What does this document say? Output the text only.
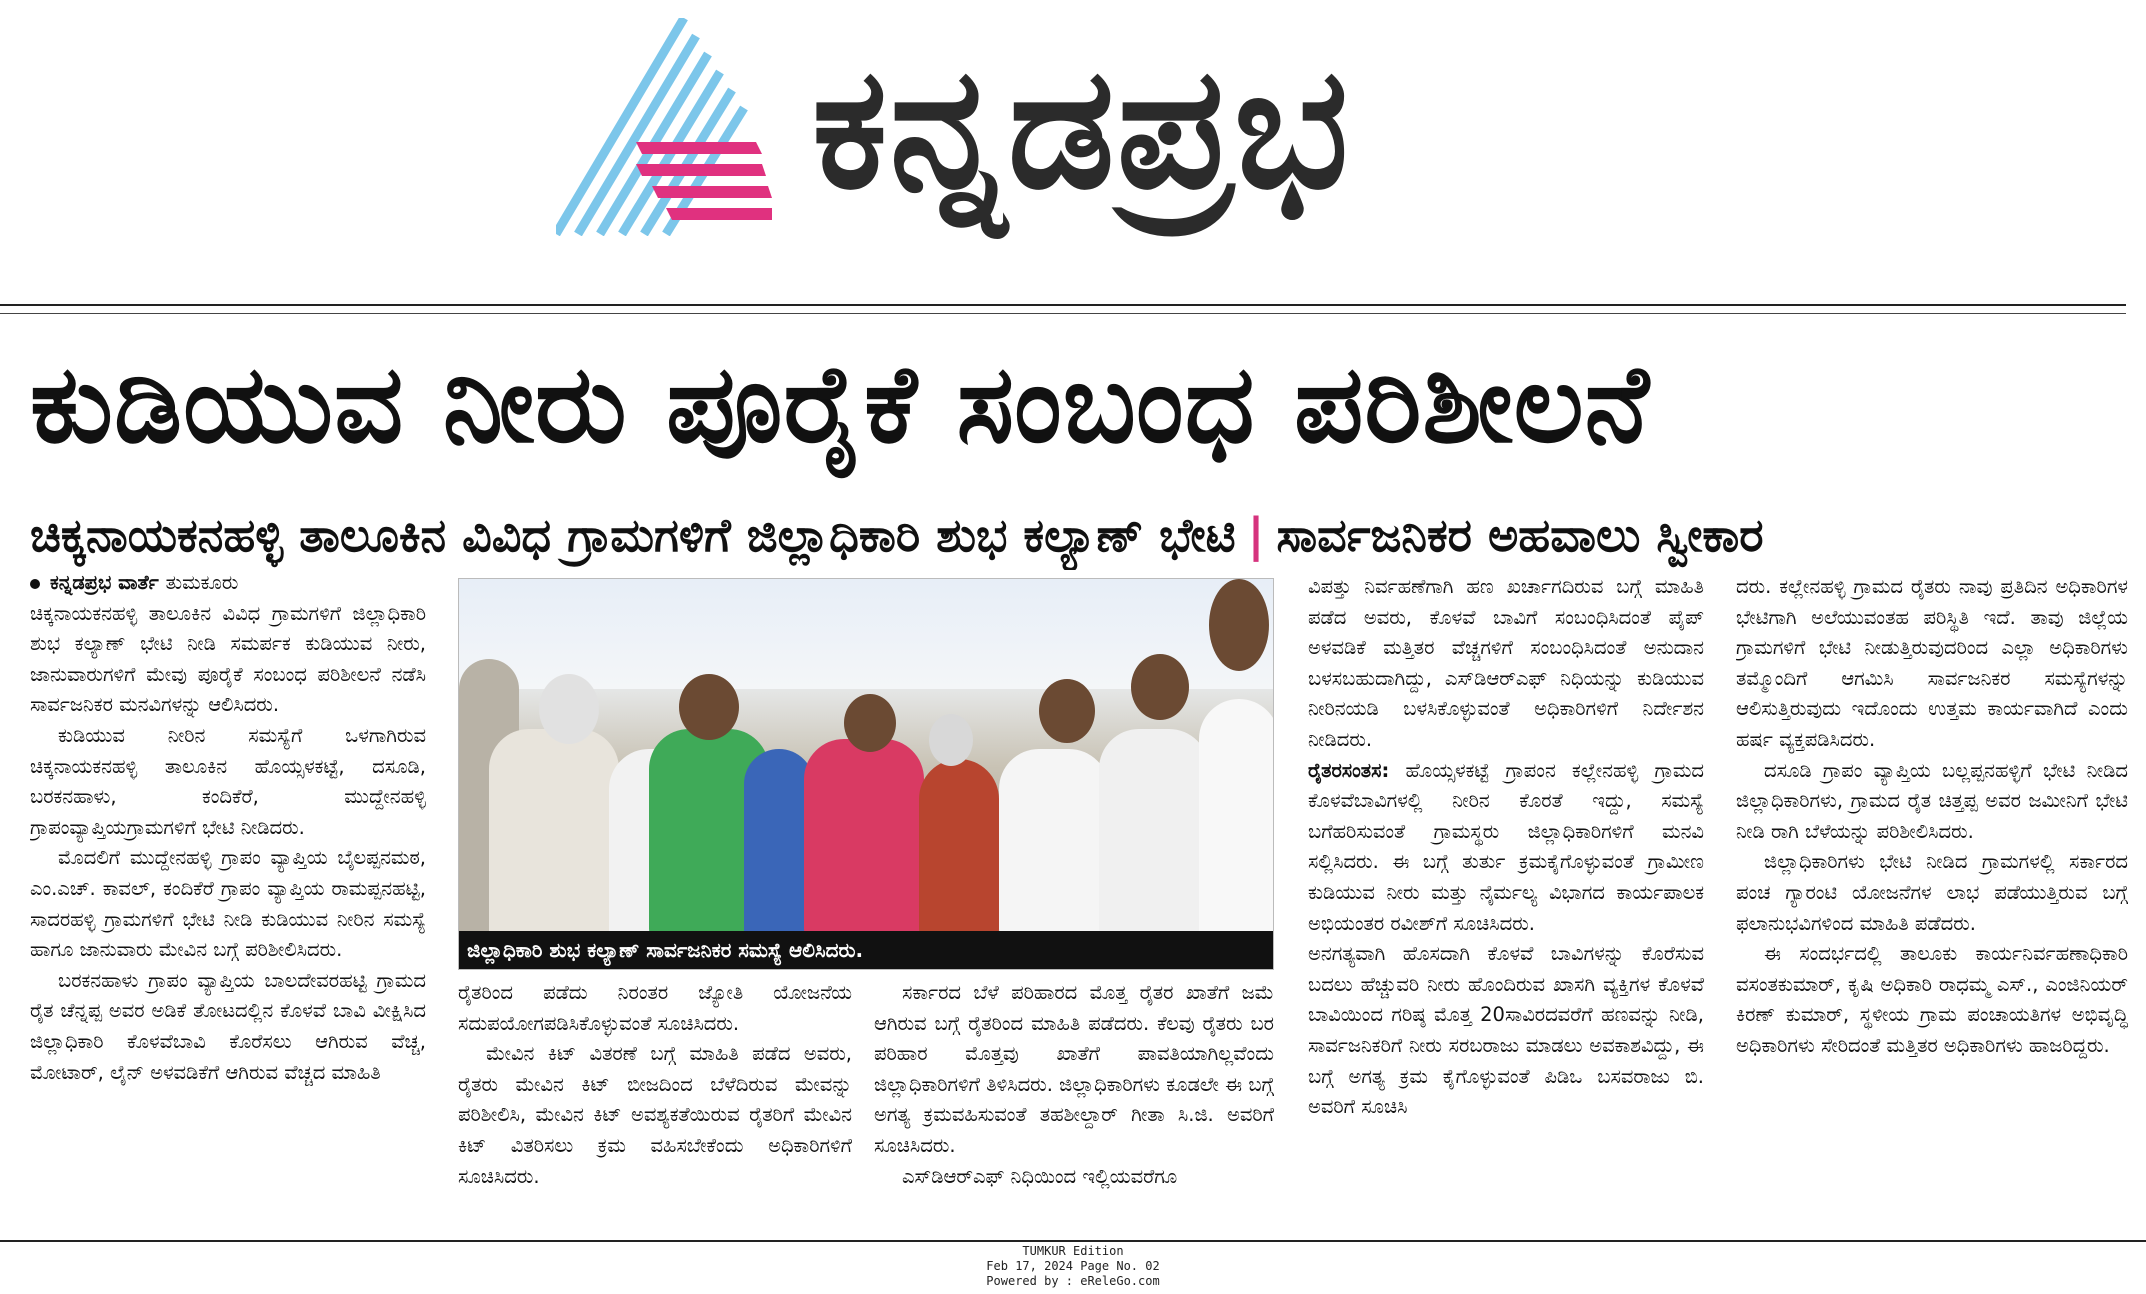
ಕನ್ನಡಪ್ರಭ
ಕುಡಿಯುವ ನೀರು ಪೂರೈಕೆ ಸಂಬಂಧ ಪರಿಶೀಲನೆ
ಚಿಕ್ಕನಾಯಕನಹಳ್ಳಿ ತಾಲೂಕಿನ ವಿವಿಧ ಗ್ರಾಮಗಳಿಗೆ ಜಿಲ್ಲಾಧಿಕಾರಿ ಶುಭ ಕಲ್ಯಾಣ್ ಭೇಟಿ | ಸಾರ್ವಜನಿಕರ ಅಹವಾಲು ಸ್ವೀಕಾರ

ಕನ್ನಡಪ್ರಭ ವಾರ್ತೆ ತುಮಕೂರು

ಚಿಕ್ಕನಾಯಕನಹಳ್ಳಿ ತಾಲೂಕಿನ ವಿವಿಧ ಗ್ರಾಮಗಳಿಗೆ ಜಿಲ್ಲಾಧಿಕಾರಿ ಶುಭ ಕಲ್ಯಾಣ್ ಭೇಟಿ ನೀಡಿ ಸಮರ್ಪಕ ಕುಡಿಯುವ ನೀರು, ಜಾನುವಾರುಗಳಿಗೆ ಮೇವು ಪೂರೈಕೆ ಸಂಬಂಧ ಪರಿಶೀಲನೆ ನಡೆಸಿ ಸಾರ್ವಜನಿಕರ ಮನವಿಗಳನ್ನು ಆಲಿಸಿದರು.

ಕುಡಿಯುವ ನೀರಿನ ಸಮಸ್ಯೆಗೆ ಒಳಗಾಗಿರುವ ಚಿಕ್ಕನಾಯಕನಹಳ್ಳಿ ತಾಲೂಕಿನ ಹೊಯ್ಸಳಕಟ್ಟೆ, ದಸೂಡಿ, ಬರಕನಹಾಳು, ಕಂದಿಕೆರೆ, ಮುದ್ದೇನಹಳ್ಳಿ ಗ್ರಾಪಂವ್ಯಾಪ್ತಿಯಗ್ರಾಮಗಳಿಗೆ ಭೇಟಿ ನೀಡಿದರು.

ಮೊದಲಿಗೆ ಮುದ್ದೇನಹಳ್ಳಿ ಗ್ರಾಪಂ ವ್ಯಾಪ್ತಿಯ ಬೈಲಪ್ಪನಮಠ, ಎಂ.ಎಚ್. ಕಾವಲ್, ಕಂದಿಕೆರೆ ಗ್ರಾಪಂ ವ್ಯಾಪ್ತಿಯ ರಾಮಪ್ಪನಹಟ್ಟಿ, ಸಾದರಹಳ್ಳಿ ಗ್ರಾಮಗಳಿಗೆ ಭೇಟಿ ನೀಡಿ ಕುಡಿಯುವ ನೀರಿನ ಸಮಸ್ಯೆ ಹಾಗೂ ಜಾನುವಾರು ಮೇವಿನ ಬಗ್ಗೆ ಪರಿಶೀಲಿಸಿದರು.

ಬರಕನಹಾಳು ಗ್ರಾಪಂ ವ್ಯಾಪ್ತಿಯ ಬಾಲದೇವರಹಟ್ಟಿ ಗ್ರಾಮದ ರೈತ ಚೆನ್ನಪ್ಪ ಅವರ ಅಡಿಕೆ ತೋಟದಲ್ಲಿನ ಕೊಳವೆ ಬಾವಿ ವೀಕ್ಷಿಸಿದ ಜಿಲ್ಲಾಧಿಕಾರಿ ಕೊಳವೆಬಾವಿ ಕೊರೆಸಲು ಆಗಿರುವ ವೆಚ್ಚ, ಮೋಟಾರ್, ಲೈನ್ ಅಳವಡಿಕೆಗೆ ಆಗಿರುವ ವೆಚ್ಚದ ಮಾಹಿತಿ

ಜಿಲ್ಲಾಧಿಕಾರಿ ಶುಭ ಕಲ್ಯಾಣ್ ಸಾರ್ವಜನಿಕರ ಸಮಸ್ಯೆ ಆಲಿಸಿದರು.

ರೈತರಿಂದ ಪಡೆದು ನಿರಂತರ ಜ್ಯೋತಿ ಯೋಜನೆಯ ಸದುಪಯೋಗಪಡಿಸಿಕೊಳ್ಳುವಂತೆ ಸೂಚಿಸಿದರು.

ಮೇವಿನ ಕಿಟ್ ವಿತರಣೆ ಬಗ್ಗೆ ಮಾಹಿತಿ ಪಡೆದ ಅವರು, ರೈತರು ಮೇವಿನ ಕಿಟ್ ಬೀಜದಿಂದ ಬೆಳೆದಿರುವ ಮೇವನ್ನು ಪರಿಶೀಲಿಸಿ, ಮೇವಿನ ಕಿಟ್ ಅವಶ್ಯಕತೆಯಿರುವ ರೈತರಿಗೆ ಮೇವಿನ ಕಿಟ್ ವಿತರಿಸಲು ಕ್ರಮ ವಹಿಸಬೇಕೆಂದು ಅಧಿಕಾರಿಗಳಿಗೆ ಸೂಚಿಸಿದರು.

ಸರ್ಕಾರದ ಬೆಳೆ ಪರಿಹಾರದ ಮೊತ್ತ ರೈತರ ಖಾತೆಗೆ ಜಮೆ ಆಗಿರುವ ಬಗ್ಗೆ ರೈತರಿಂದ ಮಾಹಿತಿ ಪಡೆದರು. ಕೆಲವು ರೈತರು ಬರ ಪರಿಹಾರ ಮೊತ್ತವು ಖಾತೆಗೆ ಪಾವತಿಯಾಗಿಲ್ಲವೆಂದು ಜಿಲ್ಲಾಧಿಕಾರಿಗಳಿಗೆ ತಿಳಿಸಿದರು. ಜಿಲ್ಲಾಧಿಕಾರಿಗಳು ಕೂಡಲೇ ಈ ಬಗ್ಗೆ ಅಗತ್ಯ ಕ್ರಮವಹಿಸುವಂತೆ ತಹಶೀಲ್ದಾರ್ ಗೀತಾ ಸಿ.ಜಿ. ಅವರಿಗೆ ಸೂಚಿಸಿದರು.

ಎಸ್‌ಡಿಆರ್‌ಎಫ್ ನಿಧಿಯಿಂದ ಇಲ್ಲಿಯವರೆಗೂ

ವಿಪತ್ತು ನಿರ್ವಹಣೆಗಾಗಿ ಹಣ ಖರ್ಚಾಗದಿರುವ ಬಗ್ಗೆ ಮಾಹಿತಿ ಪಡೆದ ಅವರು, ಕೊಳವೆ ಬಾವಿಗೆ ಸಂಬಂಧಿಸಿದಂತೆ ಪೈಪ್ ಅಳವಡಿಕೆ ಮತ್ತಿತರ ವೆಚ್ಚಗಳಿಗೆ ಸಂಬಂಧಿಸಿದಂತೆ ಅನುದಾನ ಬಳಸಬಹುದಾಗಿದ್ದು, ಎಸ್‌ಡಿಆರ್‌ಎಫ್ ನಿಧಿಯನ್ನು ಕುಡಿಯುವ ನೀರಿನಯಡಿ ಬಳಸಿಕೊಳ್ಳುವಂತೆ ಅಧಿಕಾರಿಗಳಿಗೆ ನಿರ್ದೇಶನ ನೀಡಿದರು.

ರೈತರಸಂತಸ: ಹೊಯ್ಸಳಕಟ್ಟೆ ಗ್ರಾಪಂನ ಕಲ್ಲೇನಹಳ್ಳಿ ಗ್ರಾಮದ ಕೊಳವೆಬಾವಿಗಳಲ್ಲಿ ನೀರಿನ ಕೊರತೆ ಇದ್ದು, ಸಮಸ್ಯೆ ಬಗೆಹರಿಸುವಂತೆ ಗ್ರಾಮಸ್ಥರು ಜಿಲ್ಲಾಧಿಕಾರಿಗಳಿಗೆ ಮನವಿ ಸಲ್ಲಿಸಿದರು. ಈ ಬಗ್ಗೆ ತುರ್ತು ಕ್ರಮಕೈಗೊಳ್ಳುವಂತೆ ಗ್ರಾಮೀಣ ಕುಡಿಯುವ ನೀರು ಮತ್ತು ನೈರ್ಮಲ್ಯ ವಿಭಾಗದ ಕಾರ್ಯಪಾಲಕ ಅಭಿಯಂತರ ರವೀಶ್‌ಗೆ ಸೂಚಿಸಿದರು.

ಅನಗತ್ಯವಾಗಿ ಹೊಸದಾಗಿ ಕೊಳವೆ ಬಾವಿಗಳನ್ನು ಕೊರೆಸುವ ಬದಲು ಹೆಚ್ಚುವರಿ ನೀರು ಹೊಂದಿರುವ ಖಾಸಗಿ ವ್ಯಕ್ತಿಗಳ ಕೊಳವೆ ಬಾವಿಯಿಂದ ಗರಿಷ್ಠ ಮೊತ್ತ 20ಸಾವಿರದವರೆಗೆ ಹಣವನ್ನು ನೀಡಿ, ಸಾರ್ವಜನಿಕರಿಗೆ ನೀರು ಸರಬರಾಜು ಮಾಡಲು ಅವಕಾಶವಿದ್ದು, ಈ ಬಗ್ಗೆ ಅಗತ್ಯ ಕ್ರಮ ಕೈಗೊಳ್ಳುವಂತೆ ಪಿಡಿಒ ಬಸವರಾಜು ಬಿ. ಅವರಿಗೆ ಸೂಚಿಸಿ

ದರು. ಕಲ್ಲೇನಹಳ್ಳಿ ಗ್ರಾಮದ ರೈತರು ನಾವು ಪ್ರತಿದಿನ ಅಧಿಕಾರಿಗಳ ಭೇಟಿಗಾಗಿ ಅಲೆಯುವಂತಹ ಪರಿಸ್ಥಿತಿ ಇದೆ. ತಾವು ಜಿಲ್ಲೆಯ ಗ್ರಾಮಗಳಿಗೆ ಭೇಟಿ ನೀಡುತ್ತಿರುವುದರಿಂದ ಎಲ್ಲಾ ಅಧಿಕಾರಿಗಳು ತಮ್ಮೊಂದಿಗೆ ಆಗಮಿಸಿ ಸಾರ್ವಜನಿಕರ ಸಮಸ್ಯೆಗಳನ್ನು ಆಲಿಸುತ್ತಿರುವುದು ಇದೊಂದು ಉತ್ತಮ ಕಾರ್ಯವಾಗಿದೆ ಎಂದು ಹರ್ಷ ವ್ಯಕ್ತಪಡಿಸಿದರು.

ದಸೂಡಿ ಗ್ರಾಪಂ ವ್ಯಾಪ್ತಿಯ ಬಲ್ಲಪ್ಪನಹಳ್ಳಿಗೆ ಭೇಟಿ ನೀಡಿದ ಜಿಲ್ಲಾಧಿಕಾರಿಗಳು, ಗ್ರಾಮದ ರೈತ ಚಿತ್ತಪ್ಪ ಅವರ ಜಮೀನಿಗೆ ಭೇಟಿ ನೀಡಿ ರಾಗಿ ಬೆಳೆಯನ್ನು ಪರಿಶೀಲಿಸಿದರು.

ಜಿಲ್ಲಾಧಿಕಾರಿಗಳು ಭೇಟಿ ನೀಡಿದ ಗ್ರಾಮಗಳಲ್ಲಿ ಸರ್ಕಾರದ ಪಂಚ ಗ್ಯಾರಂಟಿ ಯೋಜನೆಗಳ ಲಾಭ ಪಡೆಯುತ್ತಿರುವ ಬಗ್ಗೆ ಫಲಾನುಭವಿಗಳಿಂದ ಮಾಹಿತಿ ಪಡೆದರು.

ಈ ಸಂದರ್ಭದಲ್ಲಿ ತಾಲೂಕು ಕಾರ್ಯನಿರ್ವಹಣಾಧಿಕಾರಿ ವಸಂತಕುಮಾರ್, ಕೃಷಿ ಅಧಿಕಾರಿ ರಾಧಮ್ಮ ಎಸ್., ಎಂಜಿನಿಯರ್ ಕಿರಣ್ ಕುಮಾರ್, ಸ್ಥಳೀಯ ಗ್ರಾಮ ಪಂಚಾಯತಿಗಳ ಅಭಿವೃದ್ಧಿ ಅಧಿಕಾರಿಗಳು ಸೇರಿದಂತೆ ಮತ್ತಿತರ ಅಧಿಕಾರಿಗಳು ಹಾಜರಿದ್ದರು.

TUMKUR Edition
Feb 17, 2024 Page No. 02
Powered by : eReleGo.com
